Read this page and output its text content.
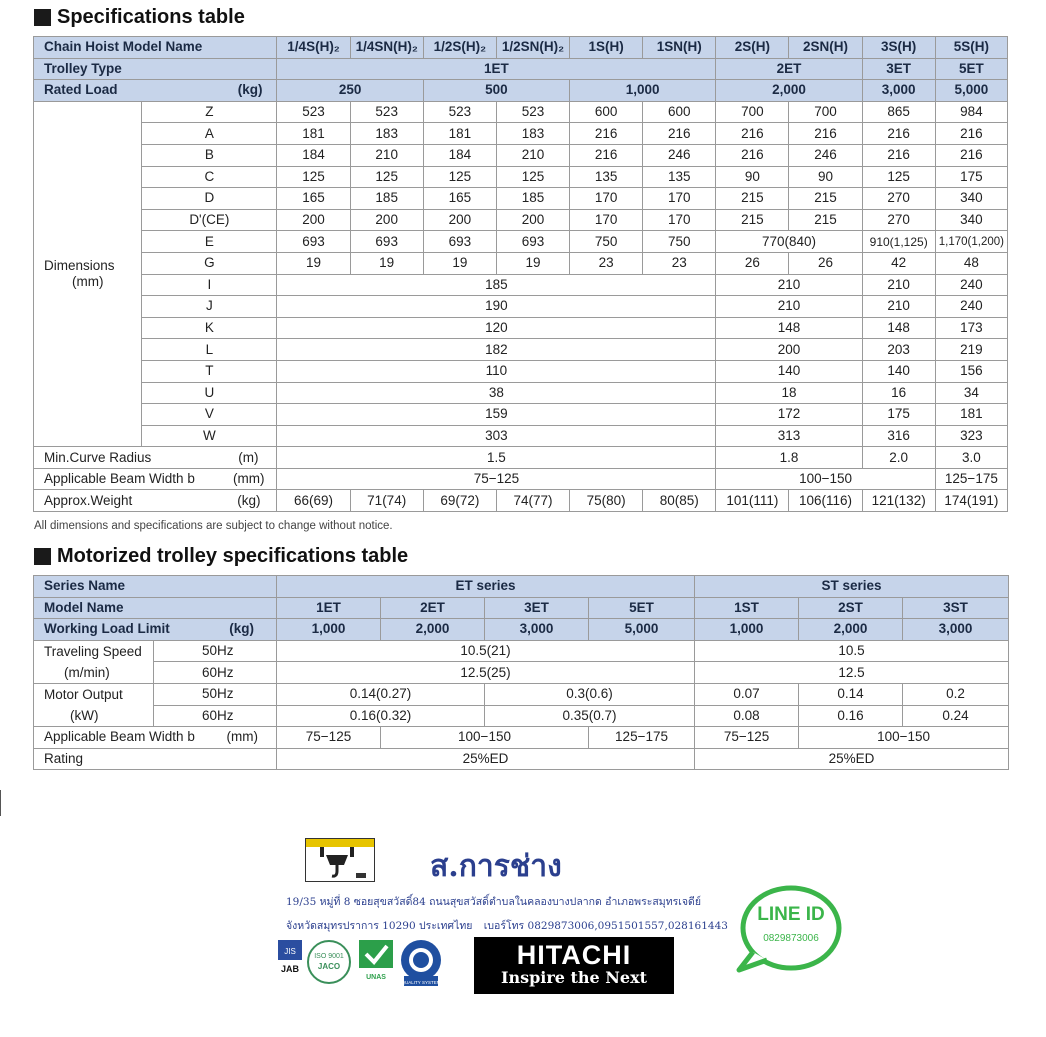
Specifications table
Chain Hoist Model Name		1/4S(H)₂	1/4SN(H)₂	1/2S(H)₂	1/2SN(H)₂	1S(H)	1SN(H)	2S(H)	2SN(H)	3S(H)	5S(H)
Trolley Type		1ET						2ET		3ET	5ET

Rated Load (kg)		250		500		1,000		2,000		3,000	5,000

Dimensions
(mm)	Z	523	523	523	523	600	600	700	700	865	984
	A	181	183	181	183	216	216	216	216	216	216
	B	184	210	184	210	216	246	216	246	216	216
	C	125	125	125	125	135	135	90	90	125	175
	D	165	185	165	185	170	170	215	215	270	340
	D'(CE)	200	200	200	200	170	170	215	215	270	340
	E	693	693	693	693	750	750	770(840)		910(1,125)	1,170(1,200)
	G	19	19	19	19	23	23	26	26	42	48
	I	185						210		210	240
	J	190						210		210	240
	K	120						148		148	173
	L	182						200		203	219
	T	110						140		140	156
	U	38						18		16	34
	V	159						172		175	181
	W	303						313		316	323

Min.Curve Radius (m)		1.5						1.8		2.0	3.0

Applicable Beam Width b (mm)		75−125						100−150			125−175

Approx.Weight (kg)		66(69)	71(74)	69(72)	74(77)	75(80)	80(85)	101(111)	106(116)	121(132)	174(191)
All dimensions and specifications are subject to change without notice.
Motorized trolley specifications table
Series Name		ET series				ST series		
Model Name		1ET	2ET	3ET	5ET	1ST	2ST	3ST

Working Load Limit (kg)		1,000	2,000	3,000	5,000	1,000	2,000	3,000

Traveling Speed
(m/min)	50Hz	10.5(21)				10.5		
	60Hz	12.5(25)				12.5		

Motor Output
(kW)	50Hz	0.14(0.27)		0.3(0.6)		0.07	0.14	0.2
	60Hz	0.16(0.32)		0.35(0.7)		0.08	0.16	0.24

Applicable Beam Width b (mm)		75−125	100−150		125−175	75−125	100−150	
Rating		25%ED				25%ED		
ส.การช่าง
19/35 หมู่ที่ 8 ซอยสุขสวัสดิ์84 ถนนสุขสวัสดิ์ตำบลในคลองบางปลากด อำเภอพระสมุทรเจดีย์
จังหวัดสมุทรปราการ 10290 ประเทศไทย เบอร์โทร 0829873006,0951501557,028161443
JIS
JAB
ISO 9001
JACO
UNAS
QUALITY SYSTEM
HITACHI
Inspire the Next
LINE ID
0829873006
